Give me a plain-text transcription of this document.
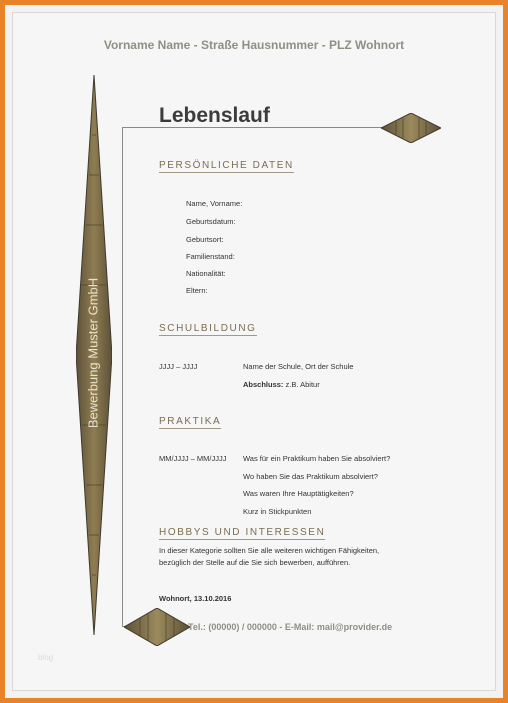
Vorname Name - Straße Hausnummer - PLZ Wohnort
Bewerbung Muster GmbH
Lebenslauf
PERSÖNLICHE DATEN
Name, Vorname:
Geburtsdatum:
Geburtsort:
Familienstand:
Nationalität:
Eltern:
SCHULBILDUNG
JJJJ – JJJJ	Name der Schule, Ort der Schule
Abschluss: z.B. Abitur
PRAKTIKA
MM/JJJJ – MM/JJJJ Was für ein Praktikum haben Sie absolviert?
Wo haben Sie das Praktikum absolviert?
Was waren Ihre Hauptätigkeiten?
Kurz in Stickpunkten
HOBBYS UND INTERESSEN
In dieser Kategorie sollten Sie alle weiteren wichtigen Fähigkeiten,
bezüglich der Stelle auf die Sie sich bewerben, aufführen.
Wohnort, 13.10.2016
Tel.: (00000) / 000000 - E-Mail: mail@provider.de
blog
